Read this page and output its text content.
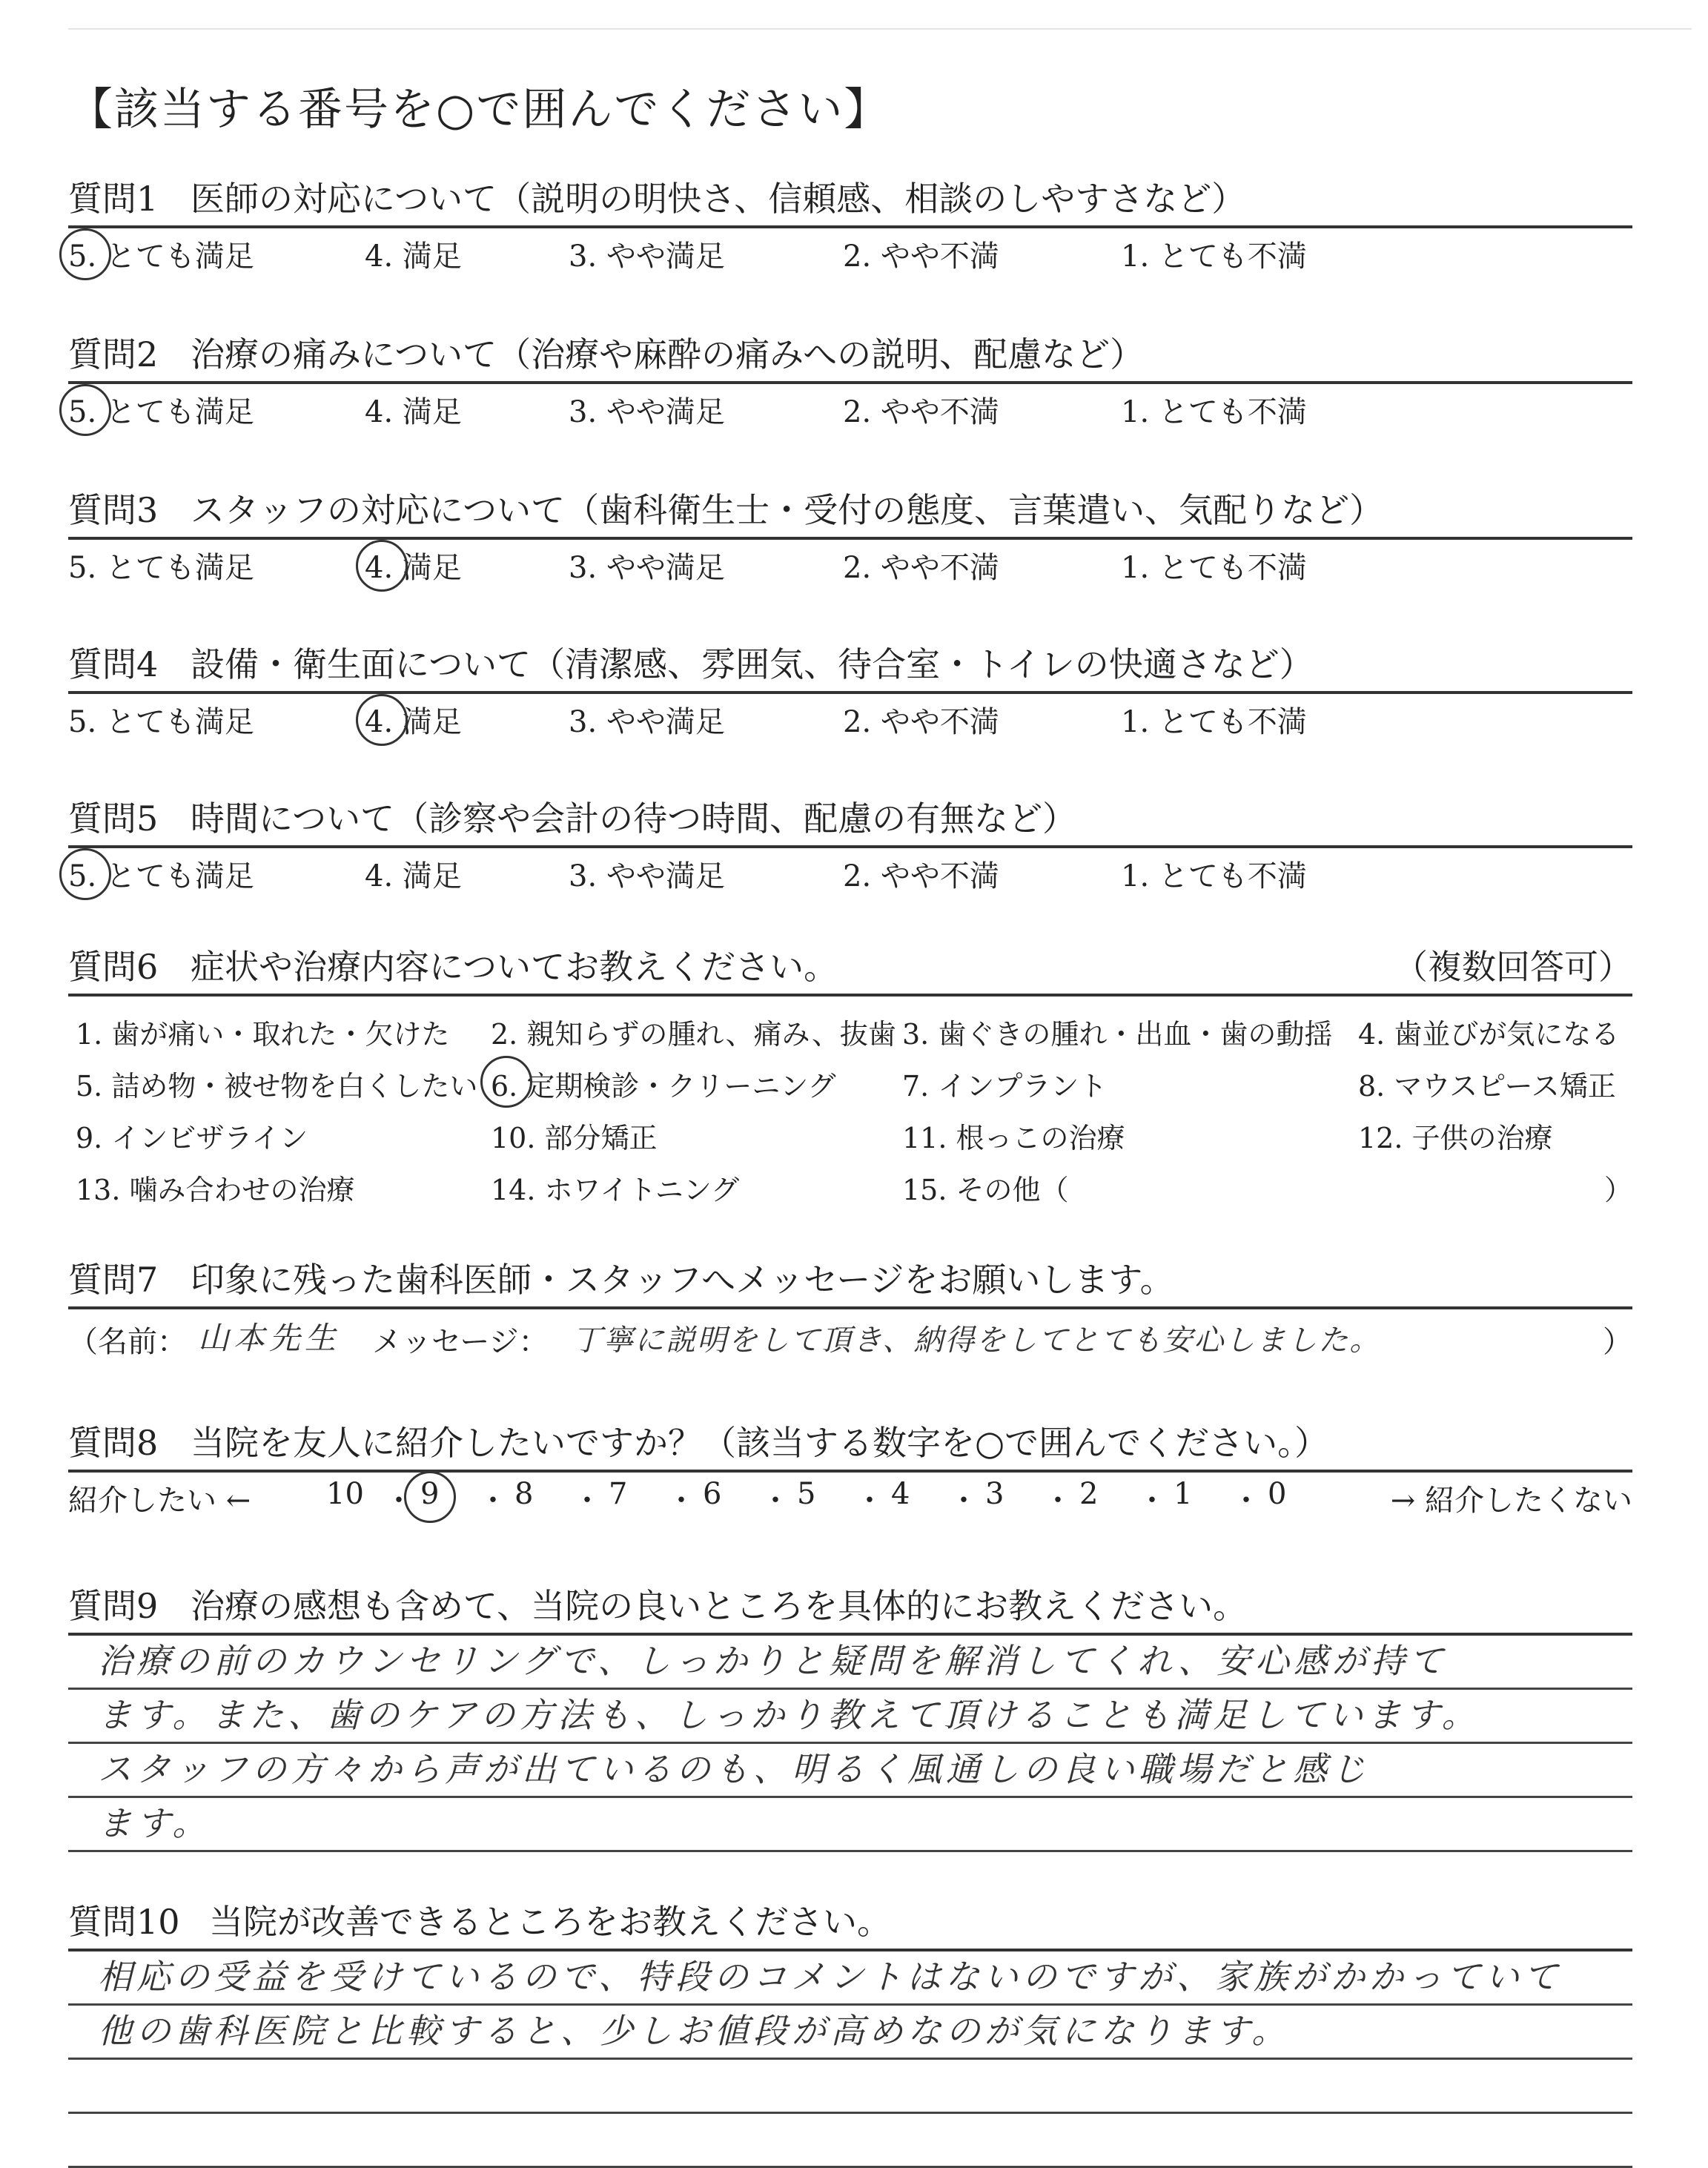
【該当する番号を○で囲んでください】
質問1 医師の対応について（説明の明快さ、信頼感、相談のしやすさなど）
5. とても満足	4. 満足	3. やや満足	2. やや不満	1. とても不満
質問2 治療の痛みについて（治療や麻酔の痛みへの説明、配慮など）
5. とても満足	4. 満足	3. やや満足	2. やや不満	1. とても不満
質問3 スタッフの対応について（歯科衛生士・受付の態度、言葉遣い、気配りなど）
5. とても満足	4. 満足	3. やや満足	2. やや不満	1. とても不満
質問4 設備・衛生面について（清潔感、雰囲気、待合室・トイレの快適さなど）
5. とても満足	4. 満足	3. やや満足	2. やや不満	1. とても不満
質問5 時間について（診察や会計の待つ時間、配慮の有無など）
5. とても満足	4. 満足	3. やや満足	2. やや不満	1. とても不満
質問6 症状や治療内容についてお教えください。	（複数回答可）
1. 歯が痛い・取れた・欠けた 2. 親知らずの腫れ、痛み、抜歯 3. 歯ぐきの腫れ・出血・歯の動揺 4. 歯並びが気になる
5. 詰め物・被せ物を白くしたい 6. 定期検診・クリーニング 7. インプラント	8. マウスピース矯正
9. インビザライン	10. 部分矯正	11. 根っこの治療	12. 子供の治療
13. 噛み合わせの治療	14. ホワイトニング	15. その他（	）
質問7 印象に残った歯科医師・スタッフへメッセージをお願いします。
（名前： 山本先生 メッセージ： 丁寧に説明をして頂き、納得をしてとても安心しました。	）
質問8 当院を友人に紹介したいですか？（該当する数字を○で囲んでください。）
紹介したい ←	→ 紹介したくない
10 ・ 9 ・ 8 ・ 7 ・ 6 ・ 5 ・ 4 ・ 3 ・ 2 ・ 1 ・ 0
質問9 治療の感想も含めて、当院の良いところを具体的にお教えください。
治療の前のカウンセリングで、しっかりと疑問を解消してくれ、安心感が持て
ます。また、歯のケアの方法も、しっかり教えて頂けることも満足しています。
スタッフの方々から声が出ているのも、明るく風通しの良い職場だと感じ
ます。
質問10 当院が改善できるところをお教えください。
相応の受益を受けているので、特段のコメントはないのですが、家族がかかっていて
他の歯科医院と比較すると、少しお値段が高めなのが気になります。
